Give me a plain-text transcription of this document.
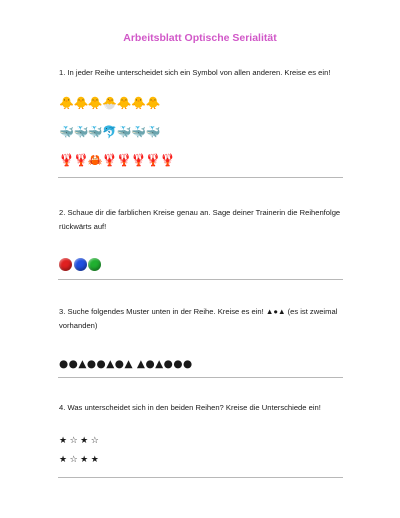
Arbeitsblatt Optische Serialität
1. In jeder Reihe unterscheidet sich ein Symbol von allen anderen. Kreise es ein!
🐥🐥🐥🐣🐥🐥🐥
🐳🐳🐳🐬🐳🐳🐳
🦞🦞🦀🦞🦞🦞🦞🦞
2. Schaue dir die farblichen Kreise genau an. Sage deiner Trainerin die Reihenfolge rückwärts auf!
3. Suche folgendes Muster unten in der Reihe. Kreise es ein! ▲●▲ (es ist zweimal vorhanden)
●●▲●●▲●▲ ▲●▲●●●
4. Was unterscheidet sich in den beiden Reihen? Kreise die Unterschiede ein!
★☆★☆
★☆★★
